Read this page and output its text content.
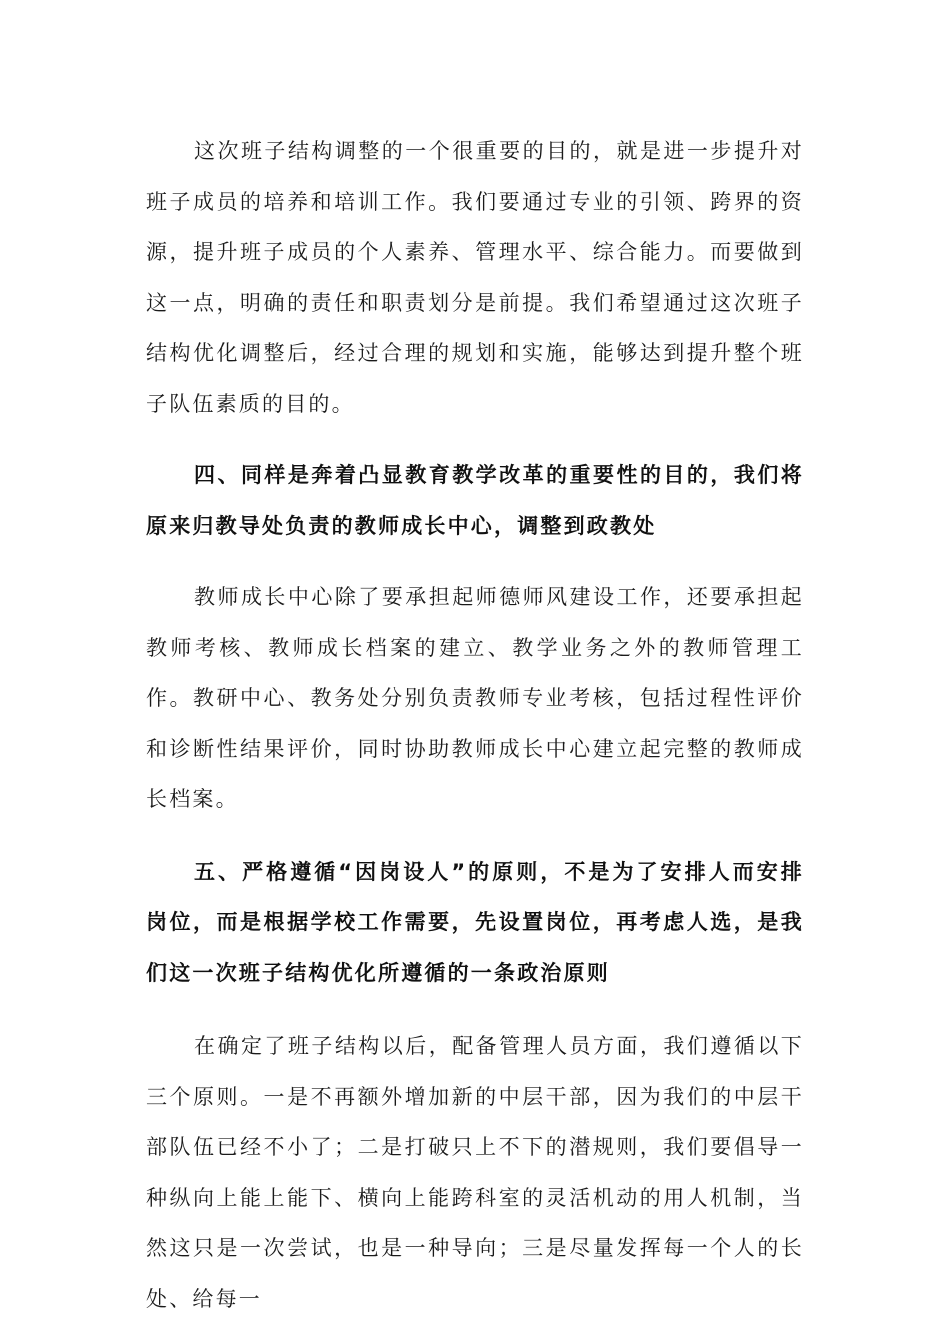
这次班子结构调整的一个很重要的目的，就是进一步提升对班子成员的培养和培训工作。我们要通过专业的引领、跨界的资源，提升班子成员的个人素养、管理水平、综合能力。而要做到这一点，明确的责任和职责划分是前提。我们希望通过这次班子结构优化调整后，经过合理的规划和实施，能够达到提升整个班子队伍素质的目的。

四、同样是奔着凸显教育教学改革的重要性的目的，我们将原来归教导处负责的教师成长中心，调整到政教处

教师成长中心除了要承担起师德师风建设工作，还要承担起教师考核、教师成长档案的建立、教学业务之外的教师管理工作。教研中心、教务处分别负责教师专业考核，包括过程性评价和诊断性结果评价，同时协助教师成长中心建立起完整的教师成长档案。

五、严格遵循“因岗设人”的原则，不是为了安排人而安排岗位，而是根据学校工作需要，先设置岗位，再考虑人选，是我们这一次班子结构优化所遵循的一条政治原则

在确定了班子结构以后，配备管理人员方面，我们遵循以下三个原则。一是不再额外增加新的中层干部，因为我们的中层干部队伍已经不小了；二是打破只上不下的潜规则，我们要倡导一种纵向上能上能下、横向上能跨科室的灵活机动的用人机制，当然这只是一次尝试，也是一种导向；三是尽量发挥每一个人的长处、给每一
